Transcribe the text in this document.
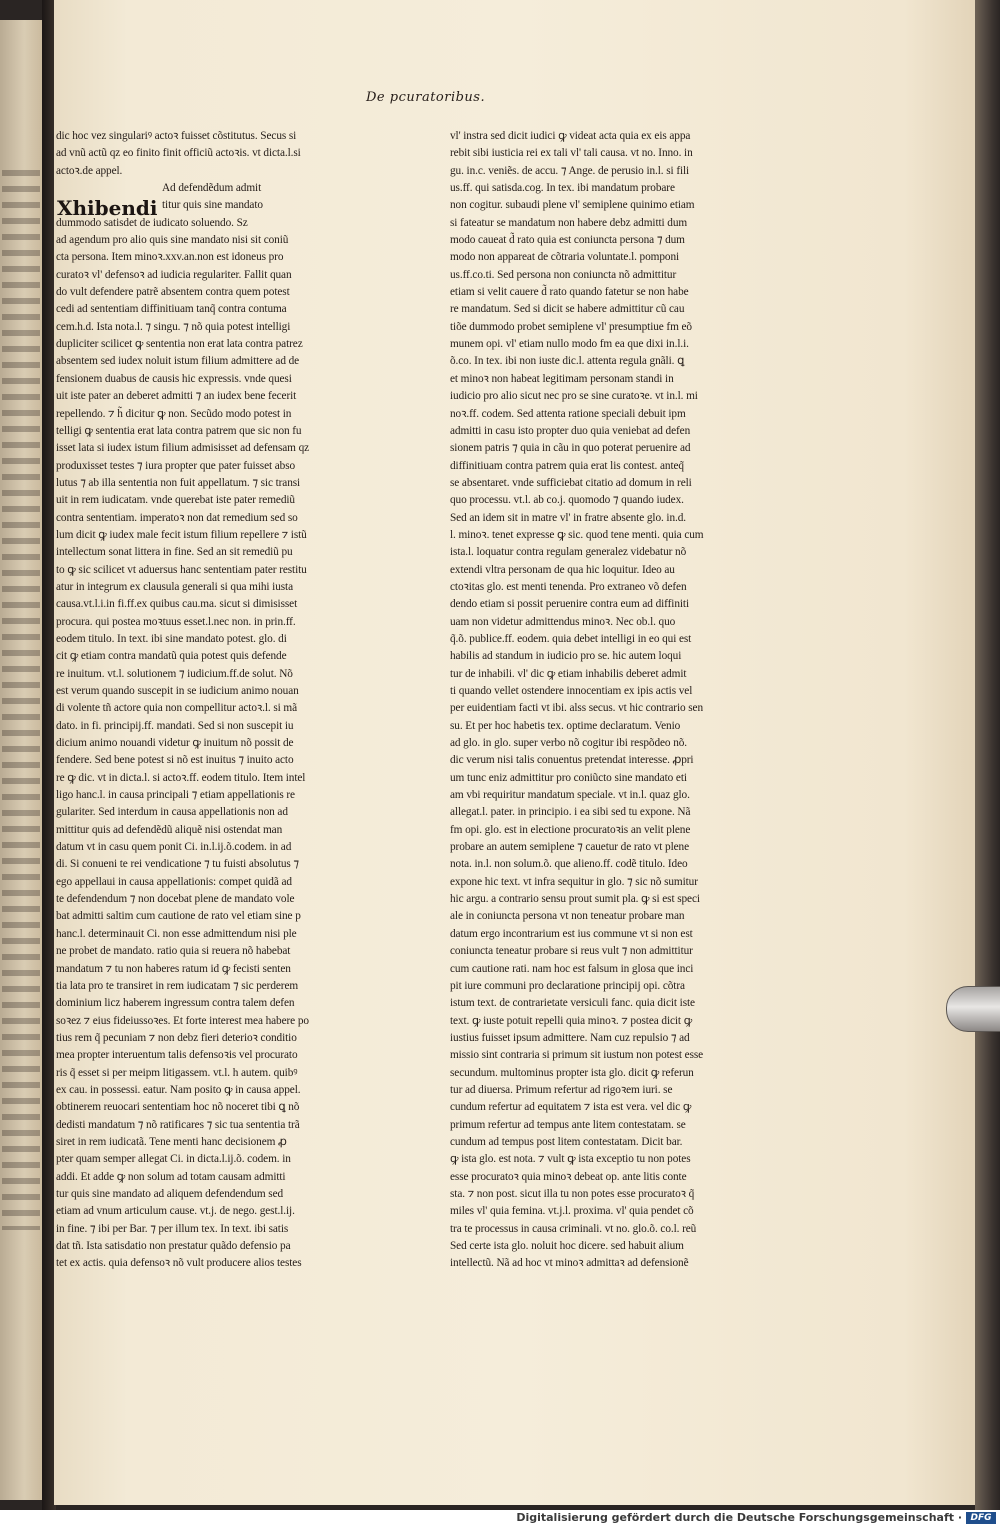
De pcuratoribus.
Xhibendi
dic hoc vez singulariꝰ actoꝛ fuisset cõstitutus. Secus si
ad vnũ actũ qz eo finito finit officiũ actoꝛis. vt dicta.l.si
actoꝛ.de appel.
Ad defendẽdum admit
titur quis sine mandato
dummodo satisdet de iudicato soluendo. Sz
ad agendum pro alio quis sine mandato nisi sit coniũ
cta persona. Item minoꝛ.xxv.an.non est idoneus pro
curatoꝛ vl' defensoꝛ ad iudicia regulariter. Fallit quan
do vult defendere patrẽ absentem contra quem potest
cedi ad sententiam diffinitiuam tanq̃ contra contuma
cem.h.d. Ista nota.l. ⁊ singu. ⁊ nõ quia potest intelligi
dupliciter scilicet ꝙ sententia non erat lata contra patrez
absentem sed iudex noluit istum filium admittere ad de
fensionem duabus de causis hic expressis. vnde quesi
uit iste pater an deberet admitti ⁊ an iudex bene fecerit
repellendo. ⁊ h̃ dicitur ꝙ non. Secũdo modo potest in
telligi ꝙ sententia erat lata contra patrem que sic non fu
isset lata si iudex istum filium admisisset ad defensam qz
produxisset testes ⁊ iura propter que pater fuisset abso
lutus ⁊ ab illa sententia non fuit appellatum. ⁊ sic transi
uit in rem iudicatam. vnde querebat iste pater remediũ
contra sententiam. imperatoꝛ non dat remedium sed so
lum dicit ꝙ iudex male fecit istum filium repellere ⁊ istũ
intellectum sonat littera in fine. Sed an sit remediũ pu
to ꝙ sic scilicet vt aduersus hanc sententiam pater restitu
atur in integrum ex clausula generali si qua mihi iusta
causa.vt.l.i.in fi.ff.ex quibus cau.ma. sicut si dimisisset
procura. qui postea moꝛtuus esset.l.nec non. in prin.ff.
eodem titulo. In text. ibi sine mandato potest. glo. di
cit ꝙ etiam contra mandatũ quia potest quis defende
re inuitum. vt.l. solutionem ⁊ iudicium.ff.de solut. Nõ
est verum quando suscepit in se iudicium animo nouan
di volente tñ actore quia non compellitur actoꝛ.l. si mã
dato. in fi. principij.ff. mandati. Sed si non suscepit iu
dicium animo nouandi videtur ꝙ inuitum nõ possit de
fendere. Sed bene potest si nõ est inuitus ⁊ inuito acto
re ꝙ dic. vt in dicta.l. si actoꝛ.ff. eodem titulo. Item intel
ligo hanc.l. in causa principali ⁊ etiam appellationis re
gulariter. Sed interdum in causa appellationis non ad
mittitur quis ad defendẽdũ aliquẽ nisi ostendat man
datum vt in casu quem ponit Ci. in.l.ij.õ.codem. in ad
di. Si conueni te rei vendicatione ⁊ tu fuisti absolutus ⁊
ego appellaui in causa appellationis: compet quidã ad
te defendendum ⁊ non docebat plene de mandato vole
bat admitti saltim cum cautione de rato vel etiam sine p
hanc.l. determinauit Ci. non esse admittendum nisi ple
ne probet de mandato. ratio quia si reuera nõ habebat
mandatum ⁊ tu non haberes ratum id ꝙ fecisti senten
tia lata pro te transiret in rem iudicatam ⁊ sic perderem
dominium licz haberem ingressum contra talem defen
soꝛez ⁊ eius fideiussoꝛes. Et forte interest mea habere po
tius rem q̃ pecuniam ⁊ non debz fieri deterioꝛ conditio
mea propter interuentum talis defensoꝛis vel procurato
ris q̃ esset si per meipm litigassem. vt.l. h autem. quibꝰ
ex cau. in possessi. eatur. Nam posito ꝙ in causa appel.
obtinerem reuocari sententiam hoc nõ noceret tibi ꝗ nõ
dedisti mandatum ⁊ nõ ratificares ⁊ sic tua sententia trã
siret in rem iudicatã. Tene menti hanc decisionem ꝓ
pter quam semper allegat Ci. in dicta.l.ij.õ. codem. in
addi. Et adde ꝙ non solum ad totam causam admitti
tur quis sine mandato ad aliquem defendendum sed
etiam ad vnum articulum cause. vt.j. de nego. gest.l.ij.
in fine. ⁊ ibi per Bar. ⁊ per illum tex. In text. ibi satis
dat tñ. Ista satisdatio non prestatur quãdo defensio pa
tet ex actis. quia defensoꝛ nõ vult producere alios testes
vl' instra sed dicit iudici ꝙ videat acta quia ex eis appa
rebit sibi iusticia rei ex tali vl' tali causa. vt no. Inno. in
gu. in.c. veniẽs. de accu. ⁊ Ange. de perusio in.l. si fili
us.ff. qui satisda.cog. In tex. ibi mandatum probare
non cogitur. subaudi plene vl' semiplene quinimo etiam
si fateatur se mandatum non habere debz admitti dum
modo caueat d̃ rato quia est coniuncta persona ⁊ dum
modo non appareat de cõtraria voluntate.l. pomponi
us.ff.co.ti. Sed persona non coniuncta nõ admittitur
etiam si velit cauere d̃ rato quando fatetur se non habe
re mandatum. Sed si dicit se habere admittitur cũ cau
tiõe dummodo probet semiplene vl' presumptiue fm eõ
munem opi. vl' etiam nullo modo fm ea que dixi in.l.i.
õ.co. In tex. ibi non iuste dic.l. attenta regula gnãli. ꝗ
et minoꝛ non habeat legitimam personam standi in
iudicio pro alio sicut nec pro se sine curatoꝛe. vt in.l. mi
noꝛ.ff. codem. Sed attenta ratione speciali debuit ipm
admitti in casu isto propter duo quia veniebat ad defen
sionem patris ⁊ quia in cãu in quo poterat peruenire ad
diffinitiuam contra patrem quia erat lis contest. anteq̃
se absentaret. vnde sufficiebat citatio ad domum in reli
quo processu. vt.l. ab co.j. quomodo ⁊ quando iudex.
Sed an idem sit in matre vl' in fratre absente glo. in.d.
l. minoꝛ. tenet expresse ꝙ sic. quod tene menti. quia cum
ista.l. loquatur contra regulam generalez videbatur nõ
extendi vltra personam de qua hic loquitur. Ideo au
ctoꝛitas glo. est menti tenenda. Pro extraneo võ defen
dendo etiam si possit peruenire contra eum ad diffiniti
uam non videtur admittendus minoꝛ. Nec ob.l. quo
q̃.õ. publice.ff. eodem. quia debet intelligi in eo qui est
habilis ad standum in iudicio pro se. hic autem loqui
tur de inhabili. vl' dic ꝙ etiam inhabilis deberet admit
ti quando vellet ostendere innocentiam ex ipis actis vel
per euidentiam facti vt ibi. alss secus. vt hic contrario sen
su. Et per hoc habetis tex. optime declaratum. Venio
ad glo. in glo. super verbo nõ cogitur ibi respõdeo nõ.
dic verum nisi talis conuentus pretendat interesse. ꝓpri
um tunc eniz admittitur pro coniũcto sine mandato eti
am vbi requiritur mandatum speciale. vt in.l. quaz glo.
allegat.l. pater. in principio. i ea sibi sed tu expone. Nã
fm opi. glo. est in electione procuratoꝛis an velit plene
probare an autem semiplene ⁊ cauetur de rato vt plene
nota. in.l. non solum.õ. que alieno.ff. codẽ titulo. Ideo
expone hic text. vt infra sequitur in glo. ⁊ sic nõ sumitur
hic argu. a contrario sensu prout sumit pla. ꝙ si est speci
ale in coniuncta persona vt non teneatur probare man
datum ergo incontrarium est ius commune vt si non est
coniuncta teneatur probare si reus vult ⁊ non admittitur
cum cautione rati. nam hoc est falsum in glosa que inci
pit iure communi pro declaratione principij opi. cõtra
istum text. de contrarietate versiculi fanc. quia dicit iste
text. ꝙ iuste potuit repelli quia minoꝛ. ⁊ postea dicit ꝙ
iustius fuisset ipsum admittere. Nam cuz repulsio ⁊ ad
missio sint contraria si primum sit iustum non potest esse
secundum. multominus propter ista glo. dicit ꝙ referun
tur ad diuersa. Primum refertur ad rigoꝛem iuri. se
cundum refertur ad equitatem ⁊ ista est vera. vel dic ꝙ
primum refertur ad tempus ante litem contestatam. se
cundum ad tempus post litem contestatam. Dicit bar.
ꝙ ista glo. est nota. ⁊ vult ꝙ ista exceptio tu non potes
esse procuratoꝛ quia minoꝛ debeat op. ante litis conte
sta. ⁊ non post. sicut illa tu non potes esse procuratoꝛ q̃
miles vl' quia femina. vt.j.l. proxima. vl' quia pendet cõ
tra te processus in causa criminali. vt no. glo.õ. co.l. reũ
Sed certe ista glo. noluit hoc dicere. sed habuit alium
intellectũ. Nã ad hoc vt minoꝛ admittaꝛ ad defensionẽ
Digitalisierung gefördert durch die Deutsche Forschungsgemeinschaft · DFG
